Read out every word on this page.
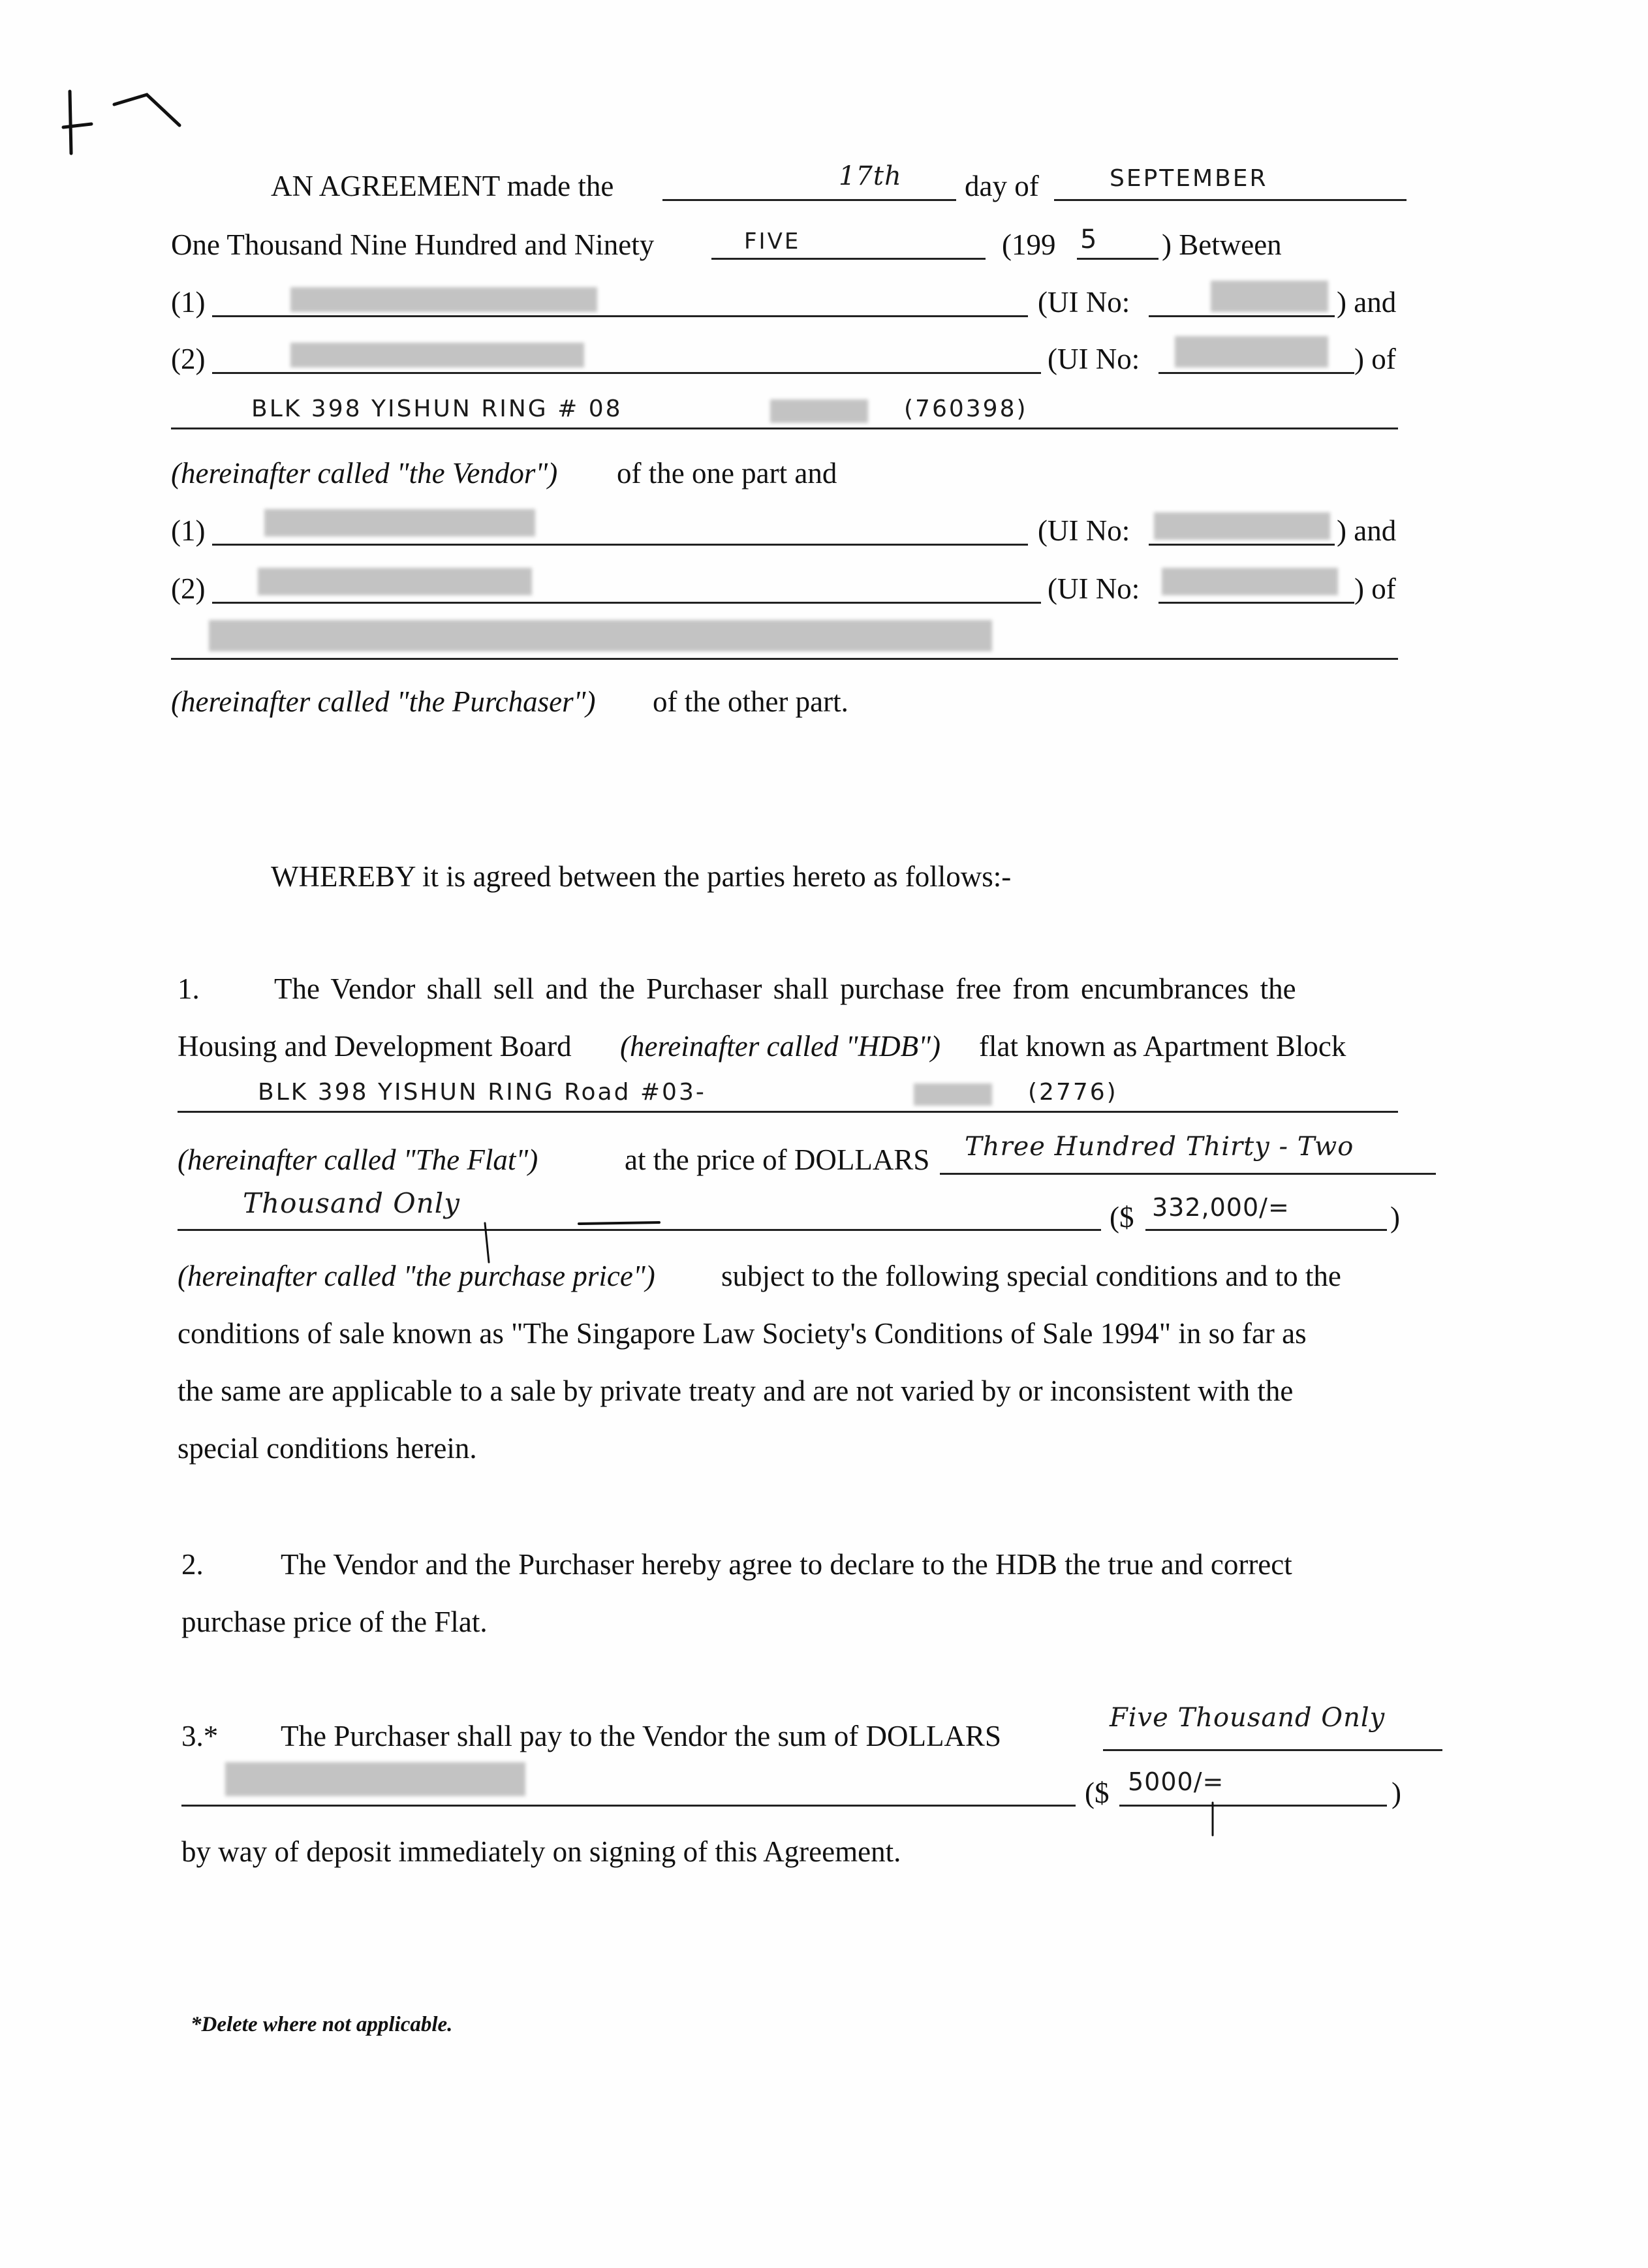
AN AGREEMENT made the	17th day of	SEPTEMBER
One Thousand Nine Hundred and Ninety	FIVE	(199 5 ) Between
(1)	(UI No:	) and
(2)	(UI No:	) of
BLK 398 YISHUN RING # 08	(760398)
(hereinafter called "the Vendor") of the one part and
(1)	(UI No:	) and
(2)	(UI No:	) of
(hereinafter called "the Purchaser") of the other part.
WHEREBY it is agreed between the parties hereto as follows:-
1.	The Vendor shall sell and the Purchaser shall purchase free from encumbrances the
Housing and Development Board (hereinafter called "HDB") flat known as Apartment Block
BLK 398 YISHUN RING Road #03-	(2776)
(hereinafter called "The Flat")	at the price of DOLLARS Three Hundred Thirty - Two
Thousand Only	($ 332,000/=	)
(hereinafter called "the purchase price") subject to the following special conditions and to the
conditions of sale known as "The Singapore Law Society's Conditions of Sale 1994" in so far as
the same are applicable to a sale by private treaty and are not varied by or inconsistent with the
special conditions herein.
2.	The Vendor and the Purchaser hereby agree to declare to the HDB the true and correct
purchase price of the Flat.
3.* The Purchaser shall pay to the Vendor the sum of DOLLARS
Five Thousand Only
($ 5000/=	)
by way of deposit immediately on signing of this Agreement.
*Delete where not applicable.
